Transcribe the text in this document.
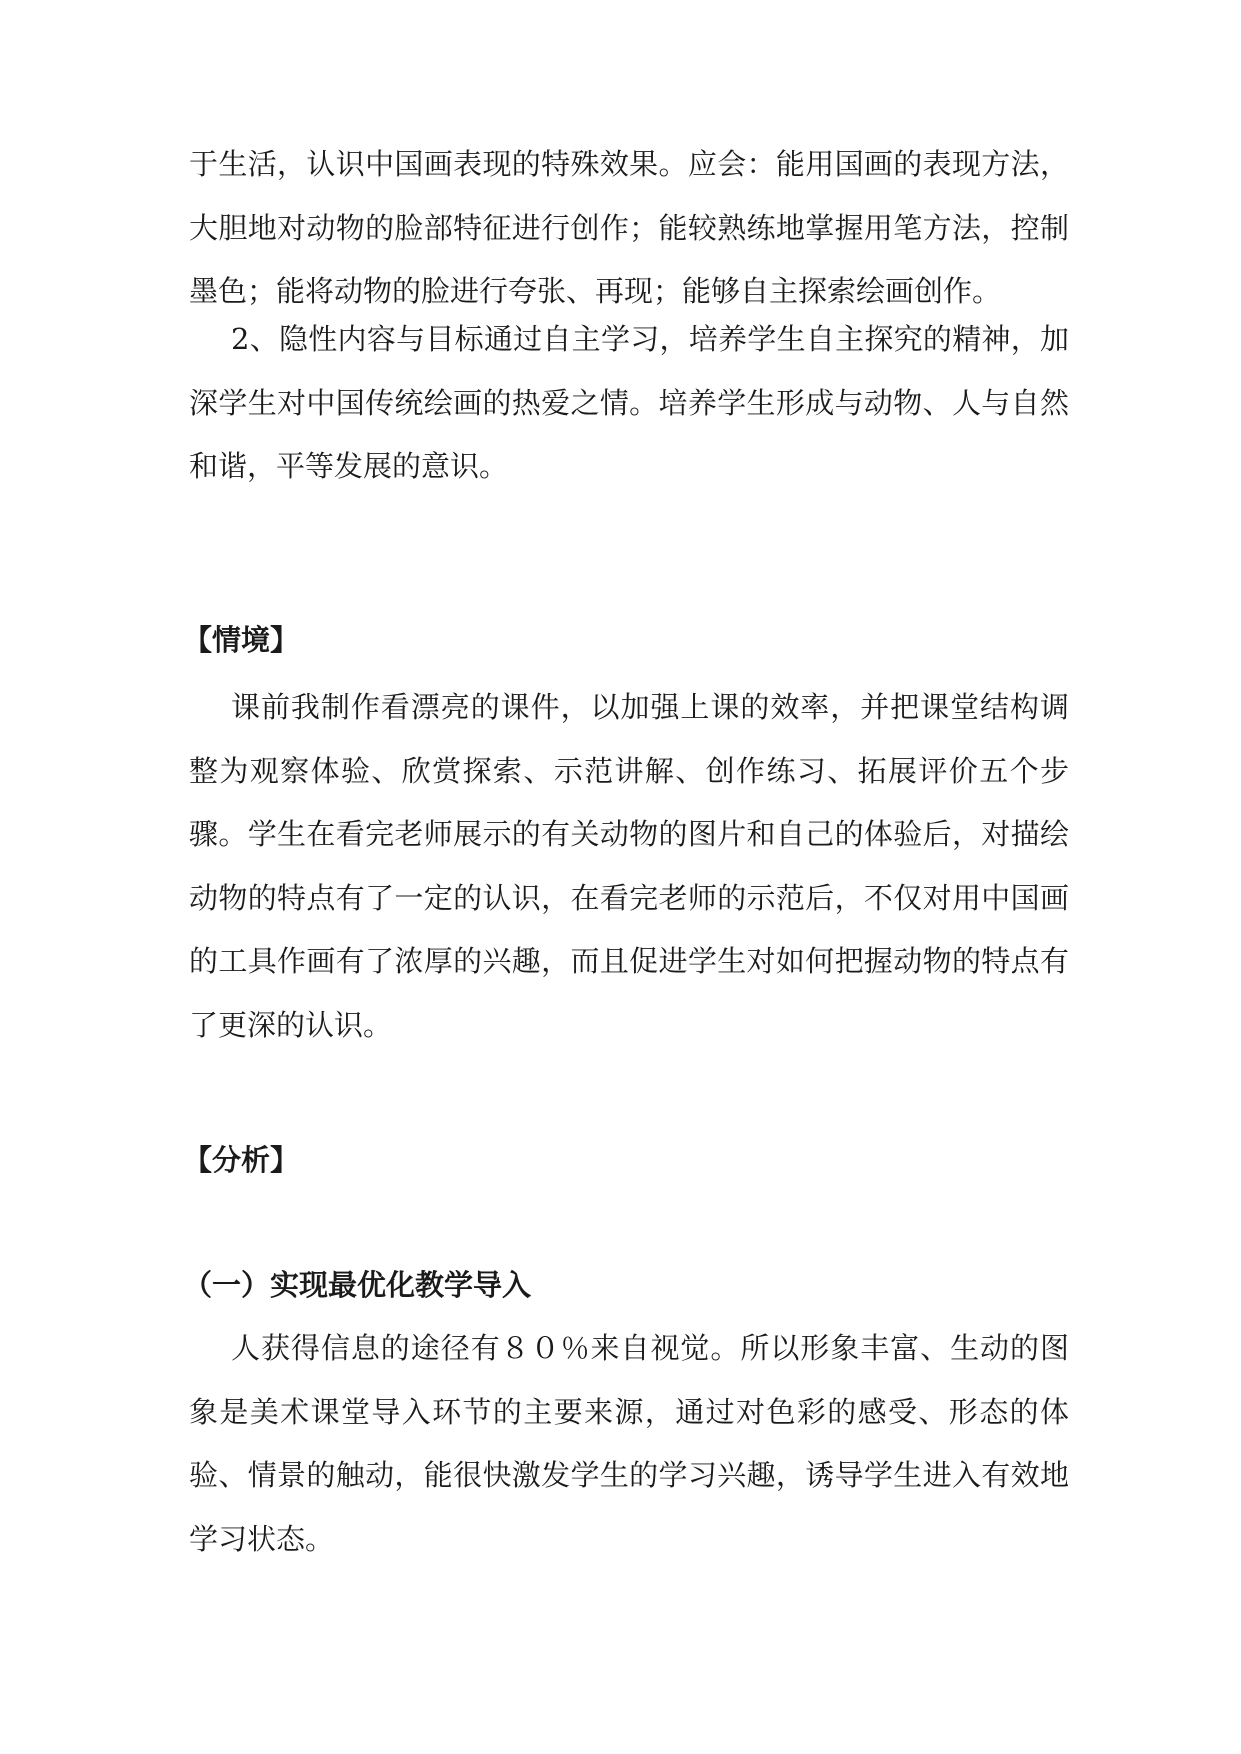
于生活，认识中国画表现的特殊效果。应会：能用国画的表现方法，大胆地对动物的脸部特征进行创作；能较熟练地掌握用笔方法，控制墨色；能将动物的脸进行夸张、再现；能够自主探索绘画创作。

2、隐性内容与目标通过自主学习，培养学生自主探究的精神，加深学生对中国传统绘画的热爱之情。培养学生形成与动物、人与自然和谐，平等发展的意识。

【情境】

课前我制作看漂亮的课件，以加强上课的效率，并把课堂结构调整为观察体验、欣赏探索、示范讲解、创作练习、拓展评价五个步骤。学生在看完老师展示的有关动物的图片和自己的体验后，对描绘动物的特点有了一定的认识，在看完老师的示范后，不仅对用中国画的工具作画有了浓厚的兴趣，而且促进学生对如何把握动物的特点有了更深的认识。

【分析】
（一）实现最优化教学导入

人获得信息的途径有８０％来自视觉。所以形象丰富、生动的图象是美术课堂导入环节的主要来源，通过对色彩的感受、形态的体验、情景的触动，能很快激发学生的学习兴趣，诱导学生进入有效地学习状态。
